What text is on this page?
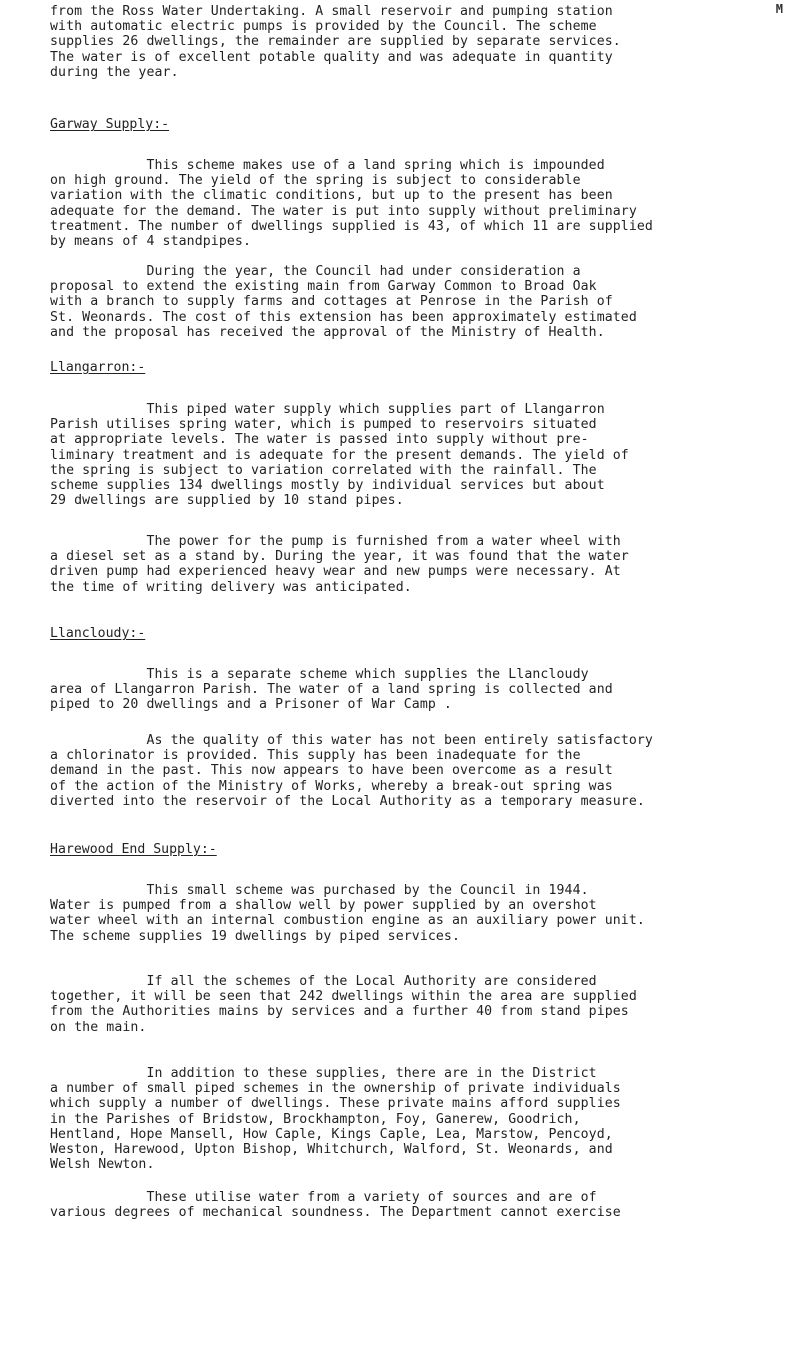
M

from the Ross Water Undertaking. A small reservoir and pumping station
with automatic electric pumps is provided by the Council. The scheme
supplies 26 dwellings, the remainder are supplied by separate services.
The water is of excellent potable quality and was adequate in quantity
during the year.

Garway Supply:-

This scheme makes use of a land spring which is impounded
on high ground. The yield of the spring is subject to considerable
variation with the climatic conditions, but up to the present has been
adequate for the demand. The water is put into supply without preliminary
treatment. The number of dwellings supplied is 43, of which 11 are supplied
by means of 4 standpipes.

During the year, the Council had under consideration a
proposal to extend the existing main from Garway Common to Broad Oak
with a branch to supply farms and cottages at Penrose in the Parish of
St. Weonards. The cost of this extension has been approximately estimated
and the proposal has received the approval of the Ministry of Health.

Llangarron:-

This piped water supply which supplies part of Llangarron
Parish utilises spring water, which is pumped to reservoirs situated
at appropriate levels. The water is passed into supply without pre-
liminary treatment and is adequate for the present demands. The yield of
the spring is subject to variation correlated with the rainfall. The
scheme supplies 134 dwellings mostly by individual services but about
29 dwellings are supplied by 10 stand pipes.

The power for the pump is furnished from a water wheel with
a diesel set as a stand by. During the year, it was found that the water
driven pump had experienced heavy wear and new pumps were necessary. At
the time of writing delivery was anticipated.

Llancloudy:-

This is a separate scheme which supplies the Llancloudy
area of Llangarron Parish. The water of a land spring is collected and
piped to 20 dwellings and a Prisoner of War Camp .

As the quality of this water has not been entirely satisfactory
a chlorinator is provided. This supply has been inadequate for the
demand in the past. This now appears to have been overcome as a result
of the action of the Ministry of Works, whereby a break-out spring was
diverted into the reservoir of the Local Authority as a temporary measure.

Harewood End Supply:-

This small scheme was purchased by the Council in 1944.
Water is pumped from a shallow well by power supplied by an overshot
water wheel with an internal combustion engine as an auxiliary power unit.
The scheme supplies 19 dwellings by piped services.

If all the schemes of the Local Authority are considered
together, it will be seen that 242 dwellings within the area are supplied
from the Authorities mains by services and a further 40 from stand pipes
on the main.

In addition to these supplies, there are in the District
a number of small piped schemes in the ownership of private individuals
which supply a number of dwellings. These private mains afford supplies
in the Parishes of Bridstow, Brockhampton, Foy, Ganerew, Goodrich,
Hentland, Hope Mansell, How Caple, Kings Caple, Lea, Marstow, Pencoyd,
Weston, Harewood, Upton Bishop, Whitchurch, Walford, St. Weonards, and
Welsh Newton.

These utilise water from a variety of sources and are of
various degrees of mechanical soundness. The Department cannot exercise
